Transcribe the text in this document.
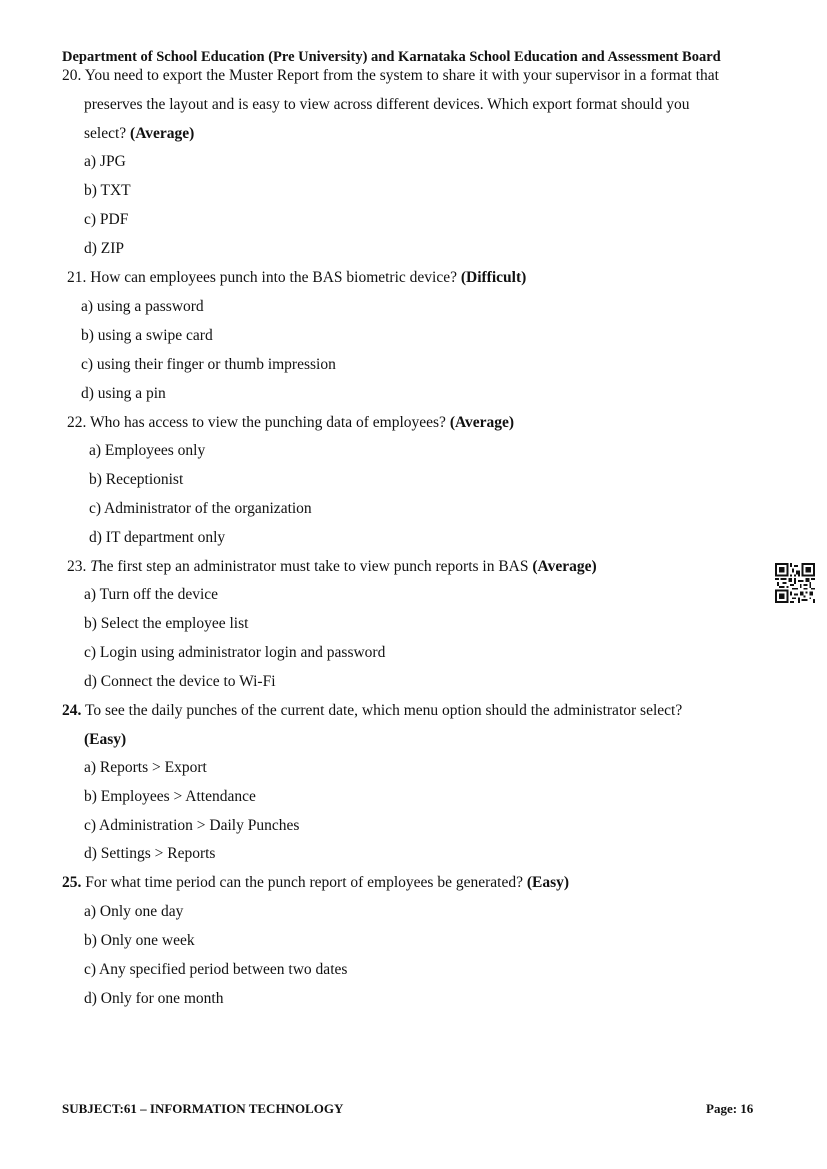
Department of School Education (Pre University) and Karnataka School Education and Assessment Board
20. You need to export the Muster Report from the system to share it with your supervisor in a format that
preserves the layout and is easy to view across different devices. Which export format should you
select? (Average)
a) JPG
b) TXT
c) PDF
d) ZIP
21. How can employees punch into the BAS biometric device? (Difficult)
a) using a password
b) using a swipe card
c) using their finger or thumb impression
d) using a pin
22. Who has access to view the punching data of employees? (Average)
a) Employees only
b) Receptionist
c) Administrator of the organization
d) IT department only
23. The first step an administrator must take to view punch reports in BAS (Average)
a) Turn off the device
b) Select the employee list
c) Login using administrator login and password
d) Connect the device to Wi-Fi
24. To see the daily punches of the current date, which menu option should the administrator select?
(Easy)
a) Reports > Export
b) Employees > Attendance
c) Administration > Daily Punches
d) Settings > Reports
25. For what time period can the punch report of employees be generated? (Easy)
a) Only one day
b) Only one week
c) Any specified period between two dates
d) Only for one month
SUBJECT:61 – INFORMATION TECHNOLOGY	Page: 16
